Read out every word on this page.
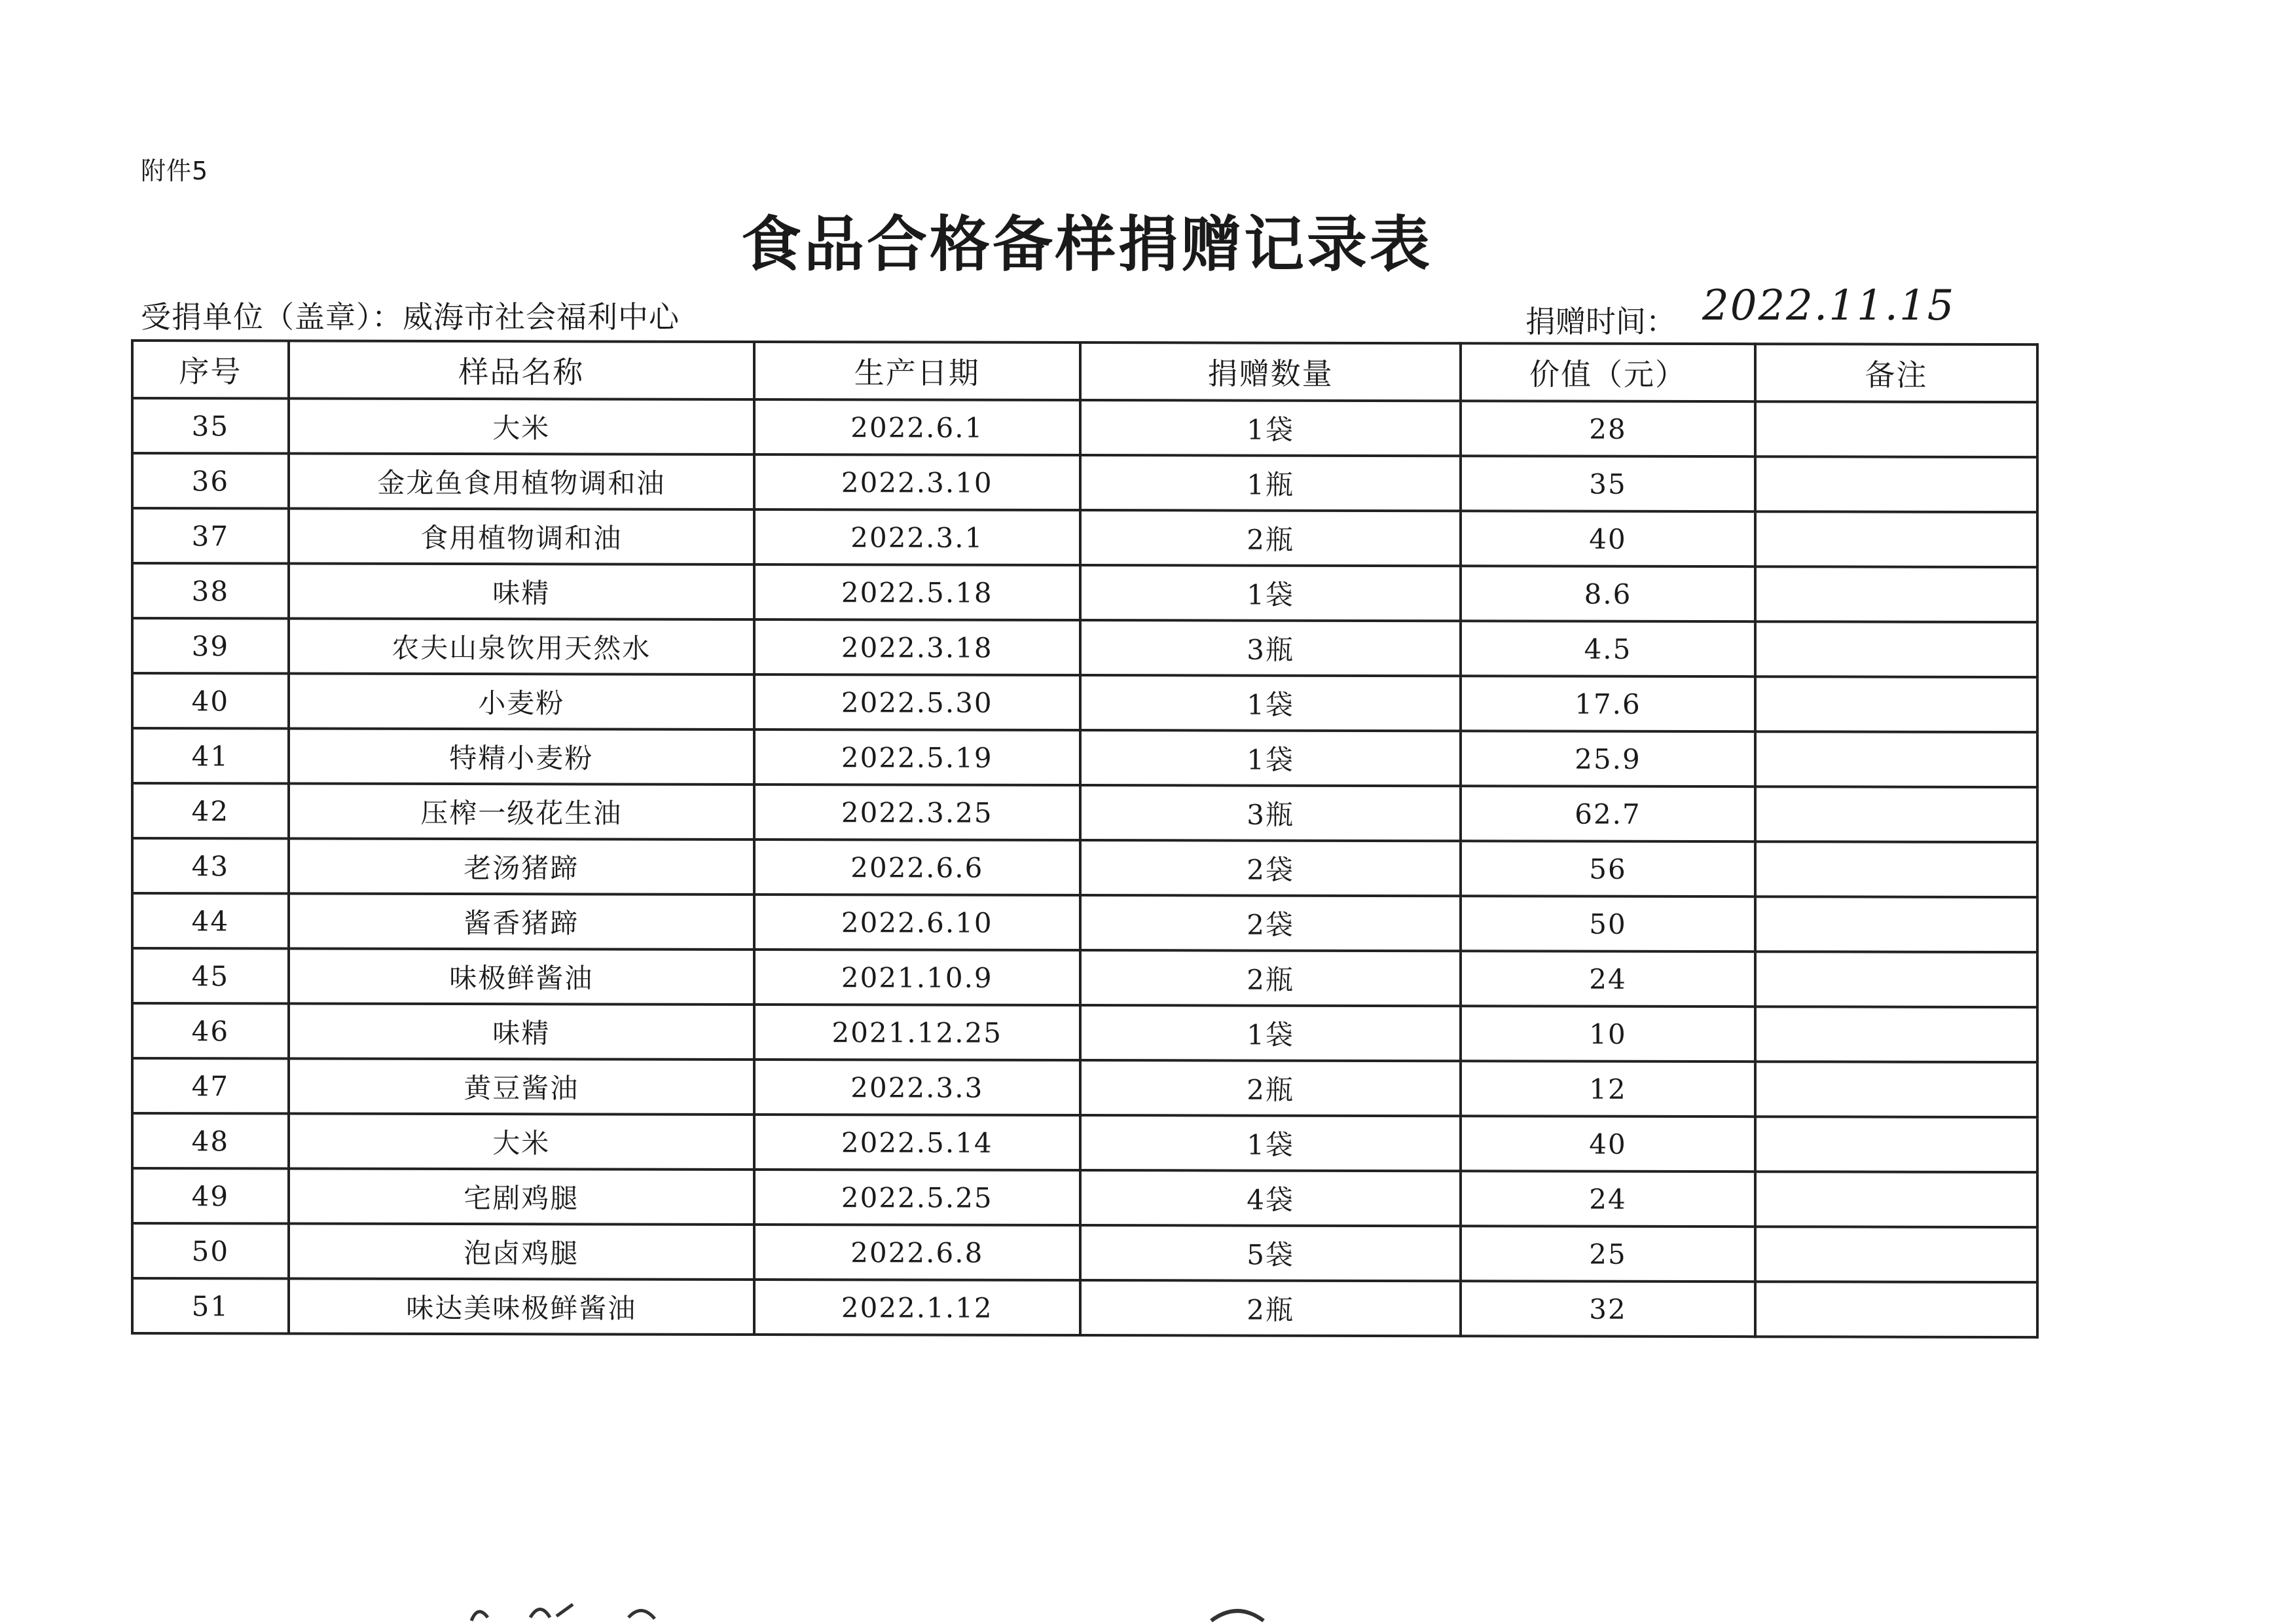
附件5
食品合格备样捐赠记录表
受捐单位（盖章）：威海市社会福利中心	捐赠时间： 2022.11.15
序号	样品名称	生产日期	捐赠数量	价值（元）	备注
35	大米	2022.6.1	1袋	28	
36	金龙鱼食用植物调和油	2022.3.10	1瓶	35	
37	食用植物调和油	2022.3.1	2瓶	40	
38	味精	2022.5.18	1袋	8.6	
39	农夫山泉饮用天然水	2022.3.18	3瓶	4.5	
40	小麦粉	2022.5.30	1袋	17.6	
41	特精小麦粉	2022.5.19	1袋	25.9	
42	压榨一级花生油	2022.3.25	3瓶	62.7	
43	老汤猪蹄	2022.6.6	2袋	56	
44	酱香猪蹄	2022.6.10	2袋	50	
45	味极鲜酱油	2021.10.9	2瓶	24	
46	味精	2021.12.25	1袋	10	
47	黄豆酱油	2022.3.3	2瓶	12	
48	大米	2022.5.14	1袋	40	
49	宅剧鸡腿	2022.5.25	4袋	24	
50	泡卤鸡腿	2022.6.8	5袋	25	
51	味达美味极鲜酱油	2022.1.12	2瓶	32	
